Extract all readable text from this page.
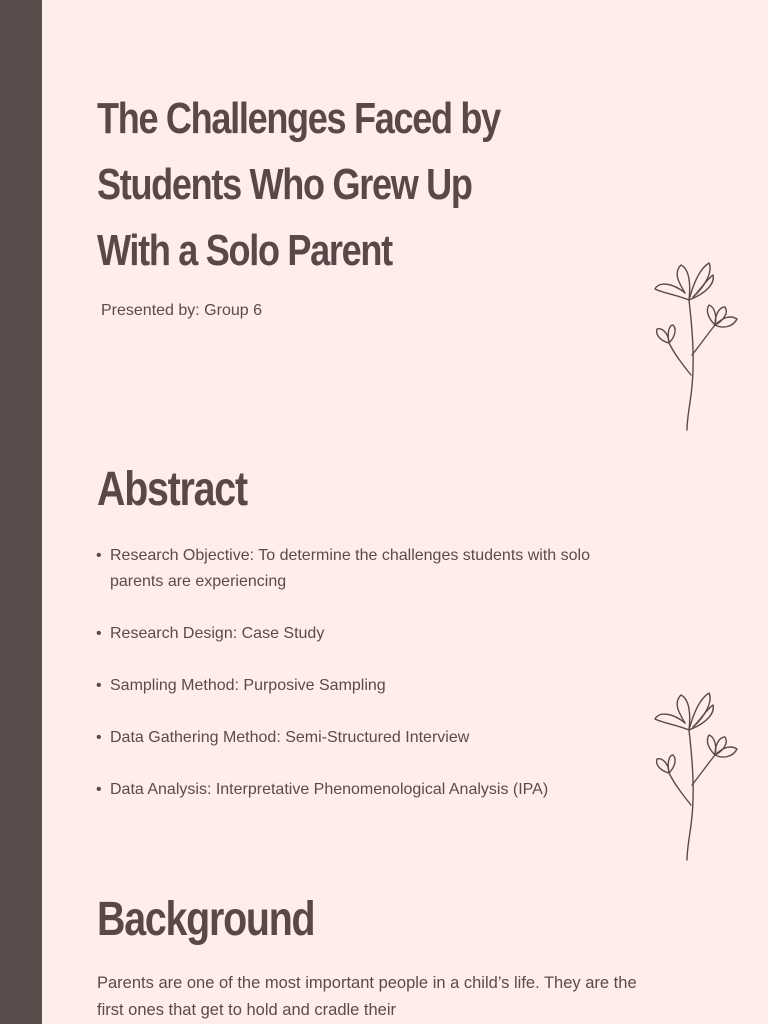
The Challenges Faced by
Students Who Grew Up
With a Solo Parent
Presented by: Group 6
Abstract
• Research Objective: To determine the challenges students with solo parents are experiencing
• Research Design: Case Study
• Sampling Method: Purposive Sampling
• Data Gathering Method: Semi-Structured Interview
• Data Analysis: Interpretative Phenomenological Analysis (IPA)
Background
Parents are one of the most important people in a child’s life. They are the first ones that get to hold and cradle their
